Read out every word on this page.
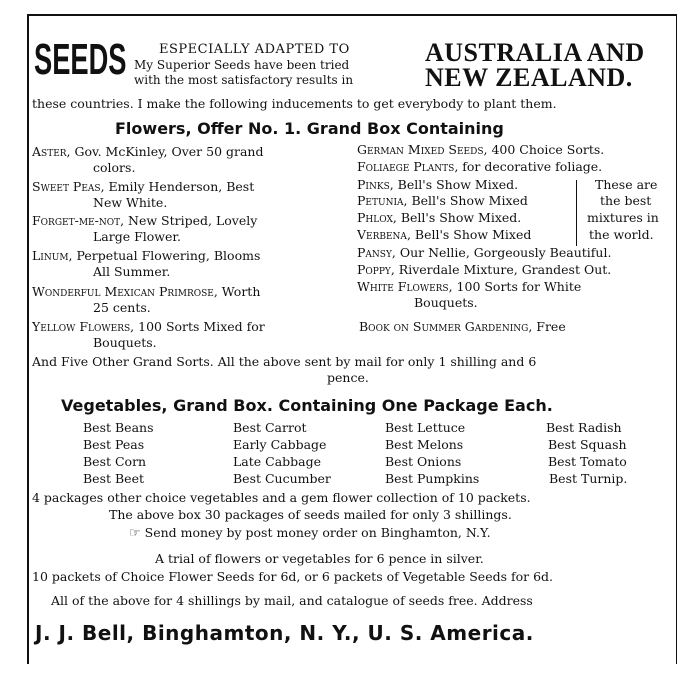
SEEDS	ESPECIALLY ADAPTED TO
My Superior Seeds have been tried
with the most satisfactory results in
AUSTRALIA AND
NEW ZEALAND.
these countries. I make the following inducements to get everybody to plant them.
Flowers, Offer No. 1. Grand Box Containing
Aster, Gov. McKinley, Over 50 grand
colors.
Sweet Peas, Emily Henderson, Best
New White.
Forget-me-not, New Striped, Lovely
Large Flower.
Linum, Perpetual Flowering, Blooms
All Summer.
Wonderful Mexican Primrose, Worth
25 cents.
Yellow Flowers, 100 Sorts Mixed for
Bouquets.
German Mixed Seeds, 400 Choice Sorts.
Foliaege Plants, for decorative foliage.
Pinks, Bell's Show Mixed.
Petunia, Bell's Show Mixed
Phlox, Bell's Show Mixed.
Verbena, Bell's Show Mixed
These are
the best
mixtures in
the world.
Pansy, Our Nellie, Gorgeously Beautiful.
Poppy, Riverdale Mixture, Grandest Out.
White Flowers, 100 Sorts for White
Bouquets.
Book on Summer Gardening, Free
And Five Other Grand Sorts. All the above sent by mail for only 1 shilling and 6
pence.
Vegetables, Grand Box. Containing One Package Each.
Best Beans	Best Carrot	Best Lettuce	Best Radish
Best Peas	Early Cabbage	Best Melons	Best Squash
Best Corn	Late Cabbage	Best Onions	Best Tomato
Best Beet	Best Cucumber	Best Pumpkins	Best Turnip.
4 packages other choice vegetables and a gem flower collection of 10 packets.
The above box 30 packages of seeds mailed for only 3 shillings.
☞ Send money by post money order on Binghamton, N.Y.
A trial of flowers or vegetables for 6 pence in silver.
10 packets of Choice Flower Seeds for 6d, or 6 packets of Vegetable Seeds for 6d.
All of the above for 4 shillings by mail, and catalogue of seeds free. Address
J. J. Bell, Binghamton, N. Y., U. S. America.
